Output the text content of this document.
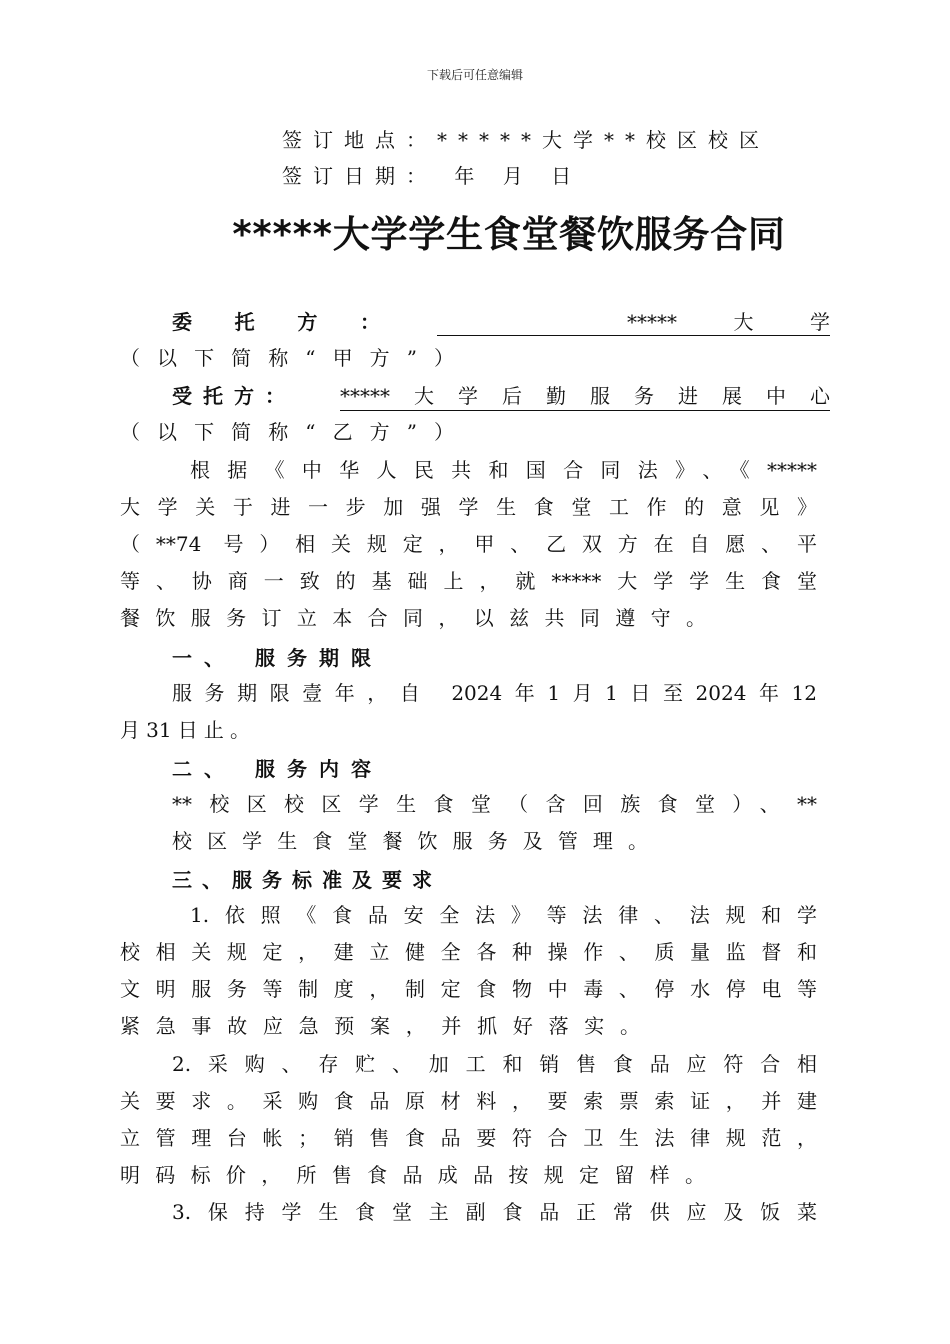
下载后可任意编辑
签订地点：*****大学**校区校区
签订日期： 年 月 日
*****大学学生食堂餐饮服务合同
委托方：	*****大学
（以下简称“甲方”）
受托方： *****大学后勤服务进展中心
（以下简称“乙方”）
根据《中华人民共和国合同法》、《*****
大学关于进一步加强学生食堂工作的意见》
（**74 号）相关规定，甲、乙双方在自愿、平
等、协商一致的基础上，就*****大学学生食堂
餐饮服务订立本合同，以兹共同遵守。
一、 服务期限
服务期限壹年，自 2024年1月1日至2024年12
月31日止。
二、 服务内容
**校区校区学生食堂（含回族食堂）、**
校区学生食堂餐饮服务及管理。
三、服务标准及要求
1.依照《食品安全法》等法律、法规和学
校相关规定，建立健全各种操作、质量监督和
文明服务等制度，制定食物中毒、停水停电等
紧急事故应急预案，并抓好落实。
2.采购、存贮、加工和销售食品应符合相
关要求。采购食品原材料，要索票索证，并建
立管理台帐；销售食品要符合卫生法律规范，
明码标价，所售食品成品按规定留样。
3.保持学生食堂主副食品正常供应及饭菜
